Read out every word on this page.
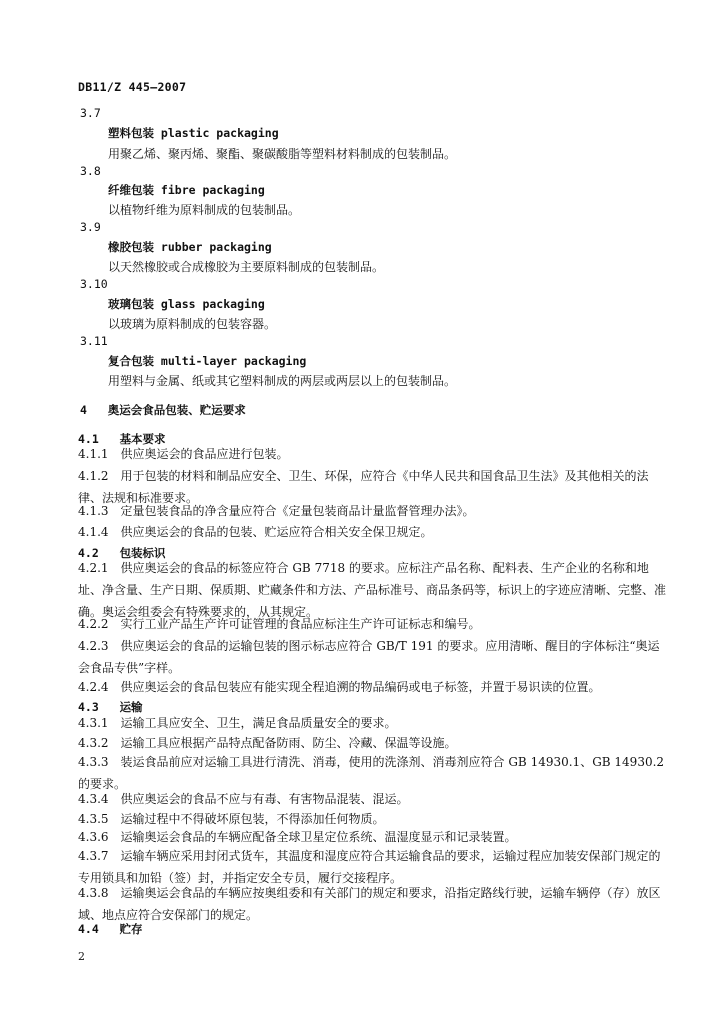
DB11/Z 445—2007
3.7
塑料包装 plastic packaging
用聚乙烯、聚丙烯、聚酯、聚碳酸脂等塑料材料制成的包装制品。
3.8
纤维包装 fibre packaging
以植物纤维为原料制成的包装制品。
3.9
橡胶包装 rubber packaging
以天然橡胶或合成橡胶为主要原料制成的包装制品。
3.10
玻璃包装 glass packaging
以玻璃为原料制成的包装容器。
3.11
复合包装 multi-layer packaging
用塑料与金属、纸或其它塑料制成的两层或两层以上的包装制品。
4 奥运会食品包装、贮运要求
4.1 基本要求
4.1.1　供应奥运会的食品应进行包装。
4.1.2　用于包装的材料和制品应安全、卫生、环保，应符合《中华人民共和国食品卫生法》及其他相关的法律、法规和标准要求。
4.1.3　定量包装食品的净含量应符合《定量包装商品计量监督管理办法》。
4.1.4　供应奥运会的食品的包装、贮运应符合相关安全保卫规定。
4.2 包装标识
4.2.1　供应奥运会的食品的标签应符合 GB 7718 的要求。应标注产品名称、配料表、生产企业的名称和地址、净含量、生产日期、保质期、贮藏条件和方法、产品标准号、商品条码等，标识上的字迹应清晰、完整、准确。奥运会组委会有特殊要求的，从其规定。
4.2.2　实行工业产品生产许可证管理的食品应标注生产许可证标志和编号。
4.2.3　供应奥运会的食品的运输包装的图示标志应符合 GB/T 191 的要求。应用清晰、醒目的字体标注“奥运会食品专供”字样。
4.2.4　供应奥运会的食品包装应有能实现全程追溯的物品编码或电子标签，并置于易识读的位置。
4.3 运输
4.3.1　运输工具应安全、卫生，满足食品质量安全的要求。
4.3.2　运输工具应根据产品特点配备防雨、防尘、冷藏、保温等设施。
4.3.3　装运食品前应对运输工具进行清洗、消毒，使用的洗涤剂、消毒剂应符合 GB 14930.1、GB 14930.2 的要求。
4.3.4　供应奥运会的食品不应与有毒、有害物品混装、混运。
4.3.5　运输过程中不得破坏原包装，不得添加任何物质。
4.3.6　运输奥运会食品的车辆应配备全球卫星定位系统、温湿度显示和记录装置。
4.3.7　运输车辆应采用封闭式货车，其温度和湿度应符合其运输食品的要求，运输过程应加装安保部门规定的专用锁具和加铅（签）封，并指定安全专员，履行交接程序。
4.3.8　运输奥运会食品的车辆应按奥组委和有关部门的规定和要求，沿指定路线行驶，运输车辆停（存）放区域、地点应符合安保部门的规定。
4.4 贮存
2
